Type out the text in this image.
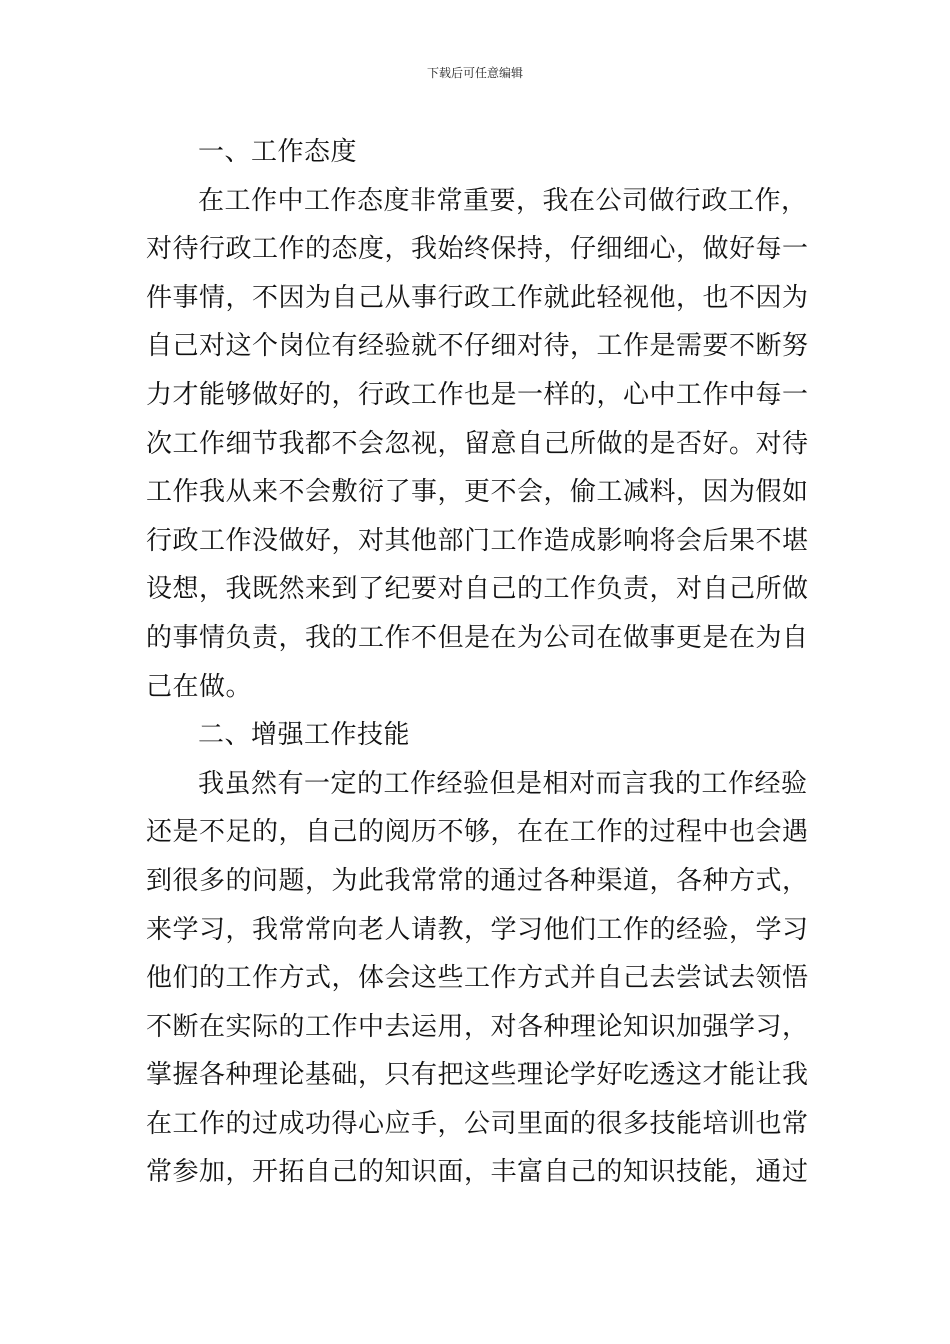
下载后可任意编辑
一、工作态度
在工作中工作态度非常重要，我在公司做行政工作，
对待行政工作的态度，我始终保持，仔细细心，做好每一
件事情，不因为自己从事行政工作就此轻视他，也不因为
自己对这个岗位有经验就不仔细对待，工作是需要不断努
力才能够做好的，行政工作也是一样的，心中工作中每一
次工作细节我都不会忽视，留意自己所做的是否好。对待
工作我从来不会敷衍了事，更不会，偷工减料，因为假如
行政工作没做好，对其他部门工作造成影响将会后果不堪
设想，我既然来到了纪要对自己的工作负责，对自己所做
的事情负责，我的工作不但是在为公司在做事更是在为自
己在做。
二、增强工作技能
我虽然有一定的工作经验但是相对而言我的工作经验
还是不足的，自己的阅历不够，在在工作的过程中也会遇
到很多的问题，为此我常常的通过各种渠道，各种方式，
来学习，我常常向老人请教，学习他们工作的经验，学习
他们的工作方式，体会这些工作方式并自己去尝试去领悟
不断在实际的工作中去运用，对各种理论知识加强学习，
掌握各种理论基础，只有把这些理论学好吃透这才能让我
在工作的过成功得心应手，公司里面的很多技能培训也常
常参加，开拓自己的知识面，丰富自己的知识技能，通过
